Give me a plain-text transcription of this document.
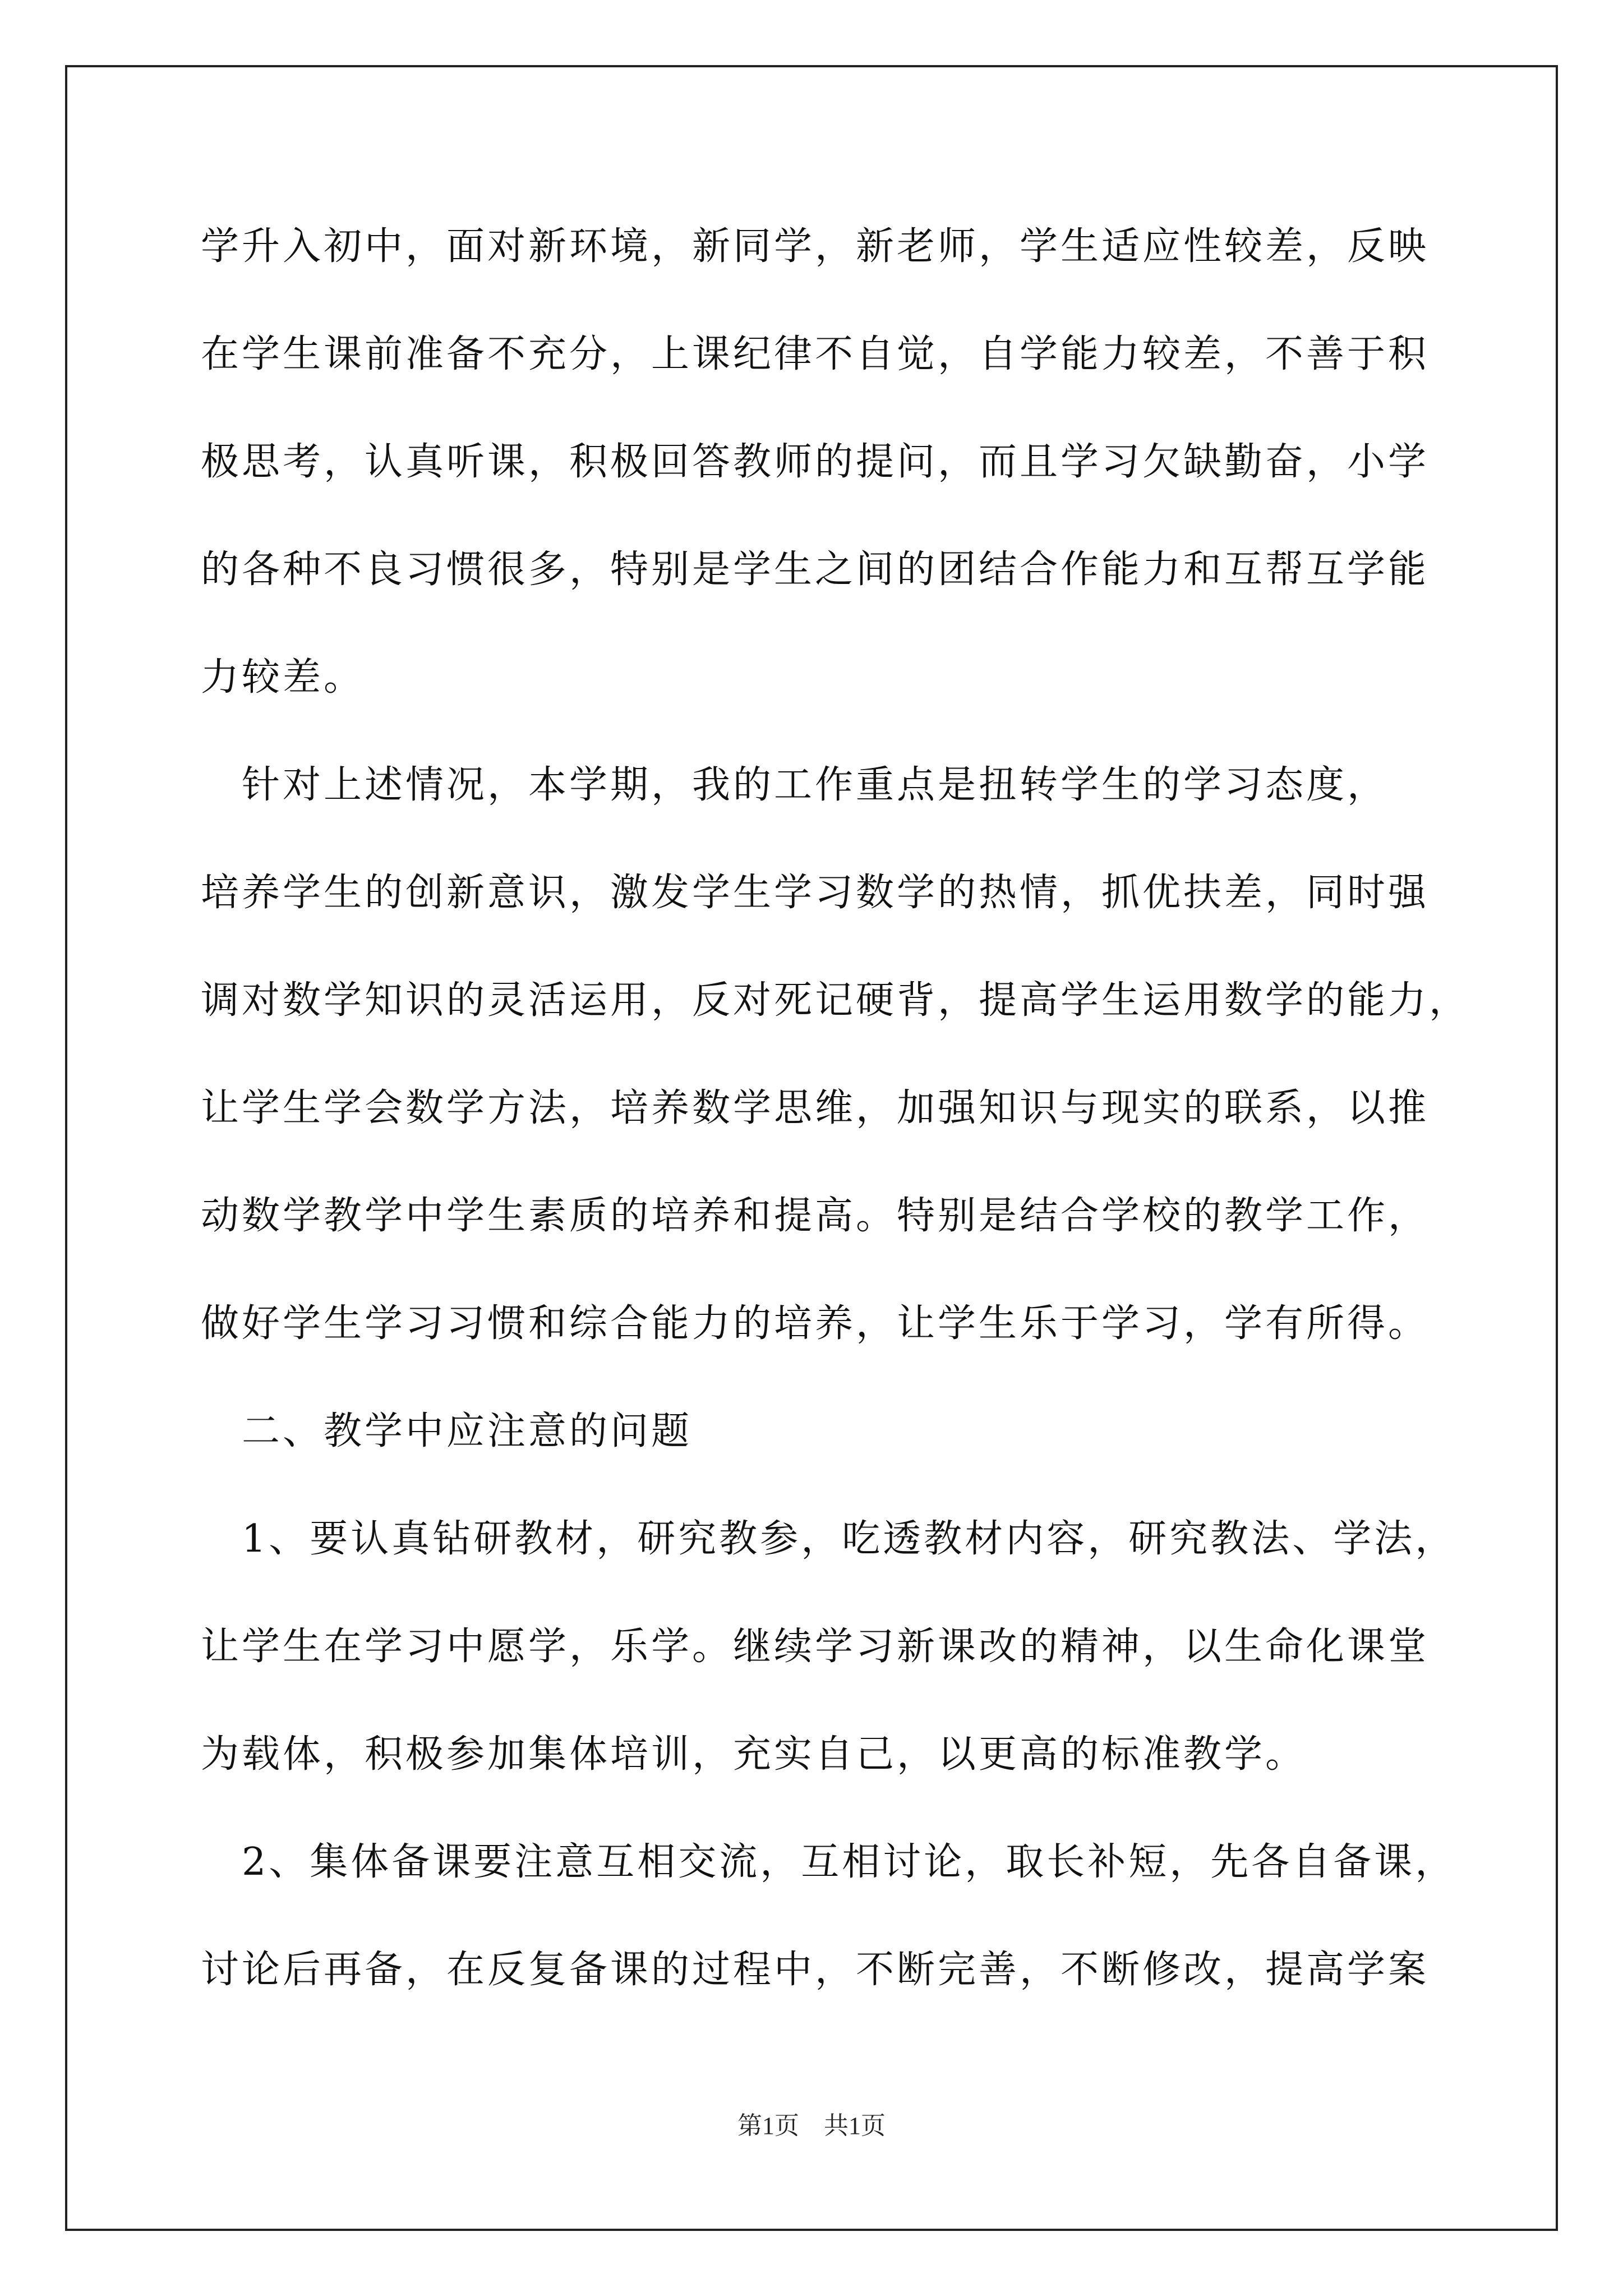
学升入初中，面对新环境，新同学，新老师，学生适应性较差，反映
在学生课前准备不充分，上课纪律不自觉，自学能力较差，不善于积
极思考，认真听课，积极回答教师的提问，而且学习欠缺勤奋，小学
的各种不良习惯很多，特别是学生之间的团结合作能力和互帮互学能
力较差。
　针对上述情况，本学期，我的工作重点是扭转学生的学习态度，
培养学生的创新意识，激发学生学习数学的热情，抓优扶差，同时强
调对数学知识的灵活运用，反对死记硬背，提高学生运用数学的能力，
让学生学会数学方法，培养数学思维，加强知识与现实的联系，以推
动数学教学中学生素质的培养和提高。特别是结合学校的教学工作，
做好学生学习习惯和综合能力的培养，让学生乐于学习，学有所得。
　二、教学中应注意的问题
　1、要认真钻研教材，研究教参，吃透教材内容，研究教法、学法，
让学生在学习中愿学，乐学。继续学习新课改的精神，以生命化课堂
为载体，积极参加集体培训，充实自己，以更高的标准教学。
　2、集体备课要注意互相交流，互相讨论，取长补短，先各自备课，
讨论后再备，在反复备课的过程中，不断完善，不断修改，提高学案
第1页　共1页
